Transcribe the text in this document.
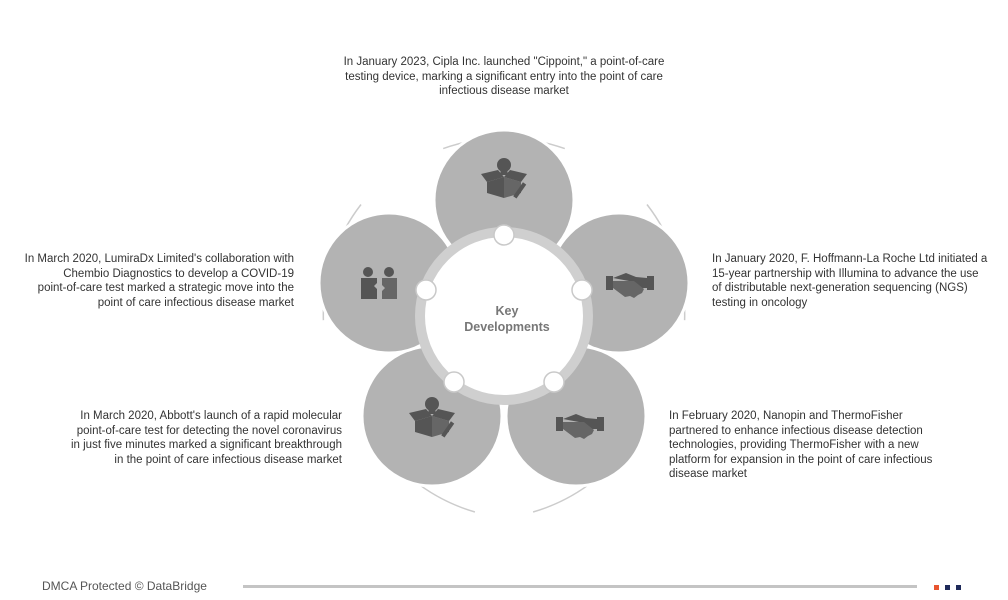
Key
Developments
In January 2023, Cipla Inc. launched "Cippoint," a point-of-care
testing device, marking a significant entry into the point of care
infectious disease market
In March 2020, LumiraDx Limited's collaboration with
Chembio Diagnostics to develop a COVID-19
point-of-care test marked a strategic move into the
point of care infectious disease market
In January 2020, F. Hoffmann-La Roche Ltd initiated a
15-year partnership with Illumina to advance the use
of distributable next-generation sequencing (NGS)
testing in oncology
In March 2020, Abbott's launch of a rapid molecular
point-of-care test for detecting the novel coronavirus
in just five minutes marked a significant breakthrough
in the point of care infectious disease market
In February 2020, Nanopin and ThermoFisher
partnered to enhance infectious disease detection
technologies, providing ThermoFisher with a new
platform for expansion in the point of care infectious
disease market
DMCA Protected © DataBridge
